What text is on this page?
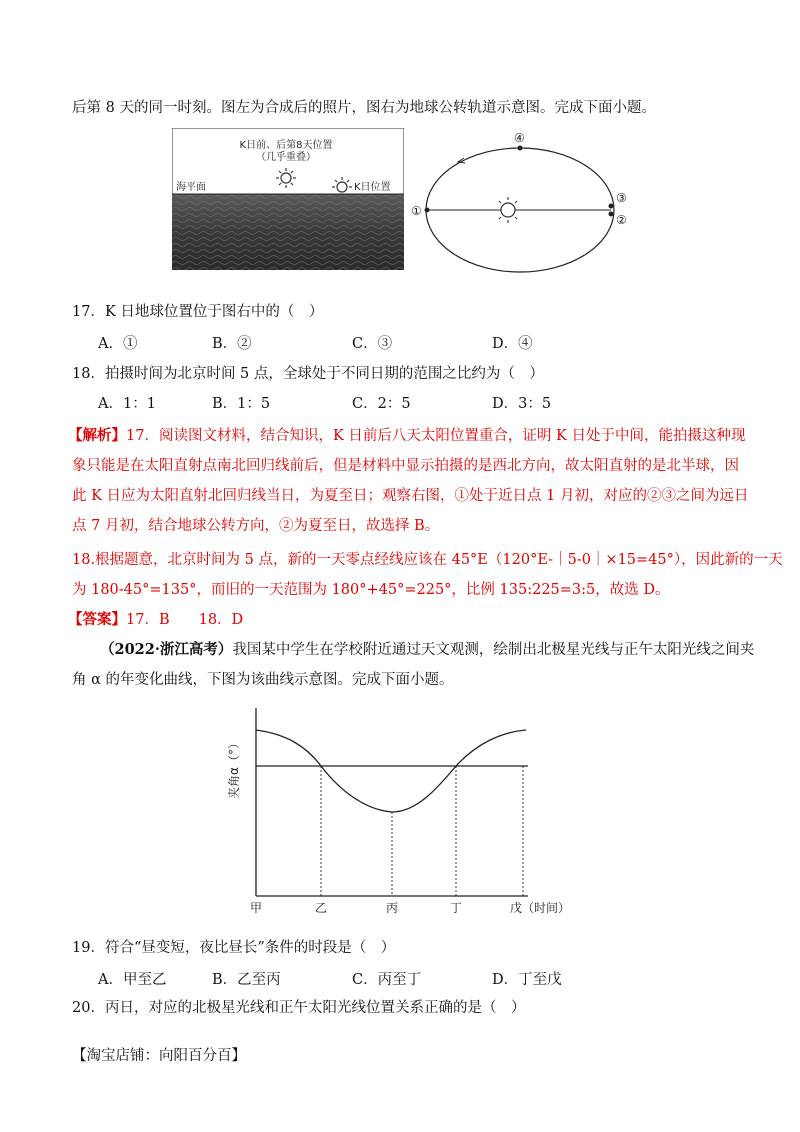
后第 8 天的同一时刻。图左为合成后的照片，图右为地球公转轨道示意图。完成下面小题。
K日前、后第8天位置
（几乎重叠）
海平面	K日位置
①
②
③
④
17．K 日地球位置位于图右中的（　）
A．①	B．②	C．③	D．④
18．拍摄时间为北京时间 5 点，全球处于不同日期的范围之比约为（　）
A．1：1	B．1：5	C．2：5	D．3：5
【解析】17．阅读图文材料，结合知识，K 日前后八天太阳位置重合，证明 K 日处于中间，能拍摄这种现
象只能是在太阳直射点南北回归线前后，但是材料中显示拍摄的是西北方向，故太阳直射的是北半球，因
此 K 日应为太阳直射北回归线当日，为夏至日；观察右图，①处于近日点 1 月初，对应的②③之间为远日
点 7 月初，结合地球公转方向，②为夏至日，故选择 B。
18.根据题意，北京时间为 5 点，新的一天零点经线应该在 45°E（120°E-｜5-0｜×15=45°），因此新的一天
为 180-45°=135°，而旧的一天范围为 180°+45°=225°，比例 135:225=3:5，故选 D。
【答案】17．B　　18．D
（2022·浙江高考）我国某中学生在学校附近通过天文观测，绘制出北极星光线与正午太阳光线之间夹
角 α 的年变化曲线，下图为该曲线示意图。完成下面小题。
夹角α（°）
甲	乙	丙	丁	戊（时间）
19．符合“昼变短，夜比昼长”条件的时段是（　）
A．甲至乙	B．乙至丙	C．丙至丁	D．丁至戊
20．丙日，对应的北极星光线和正午太阳光线位置关系正确的是（　）
【淘宝店铺：向阳百分百】
